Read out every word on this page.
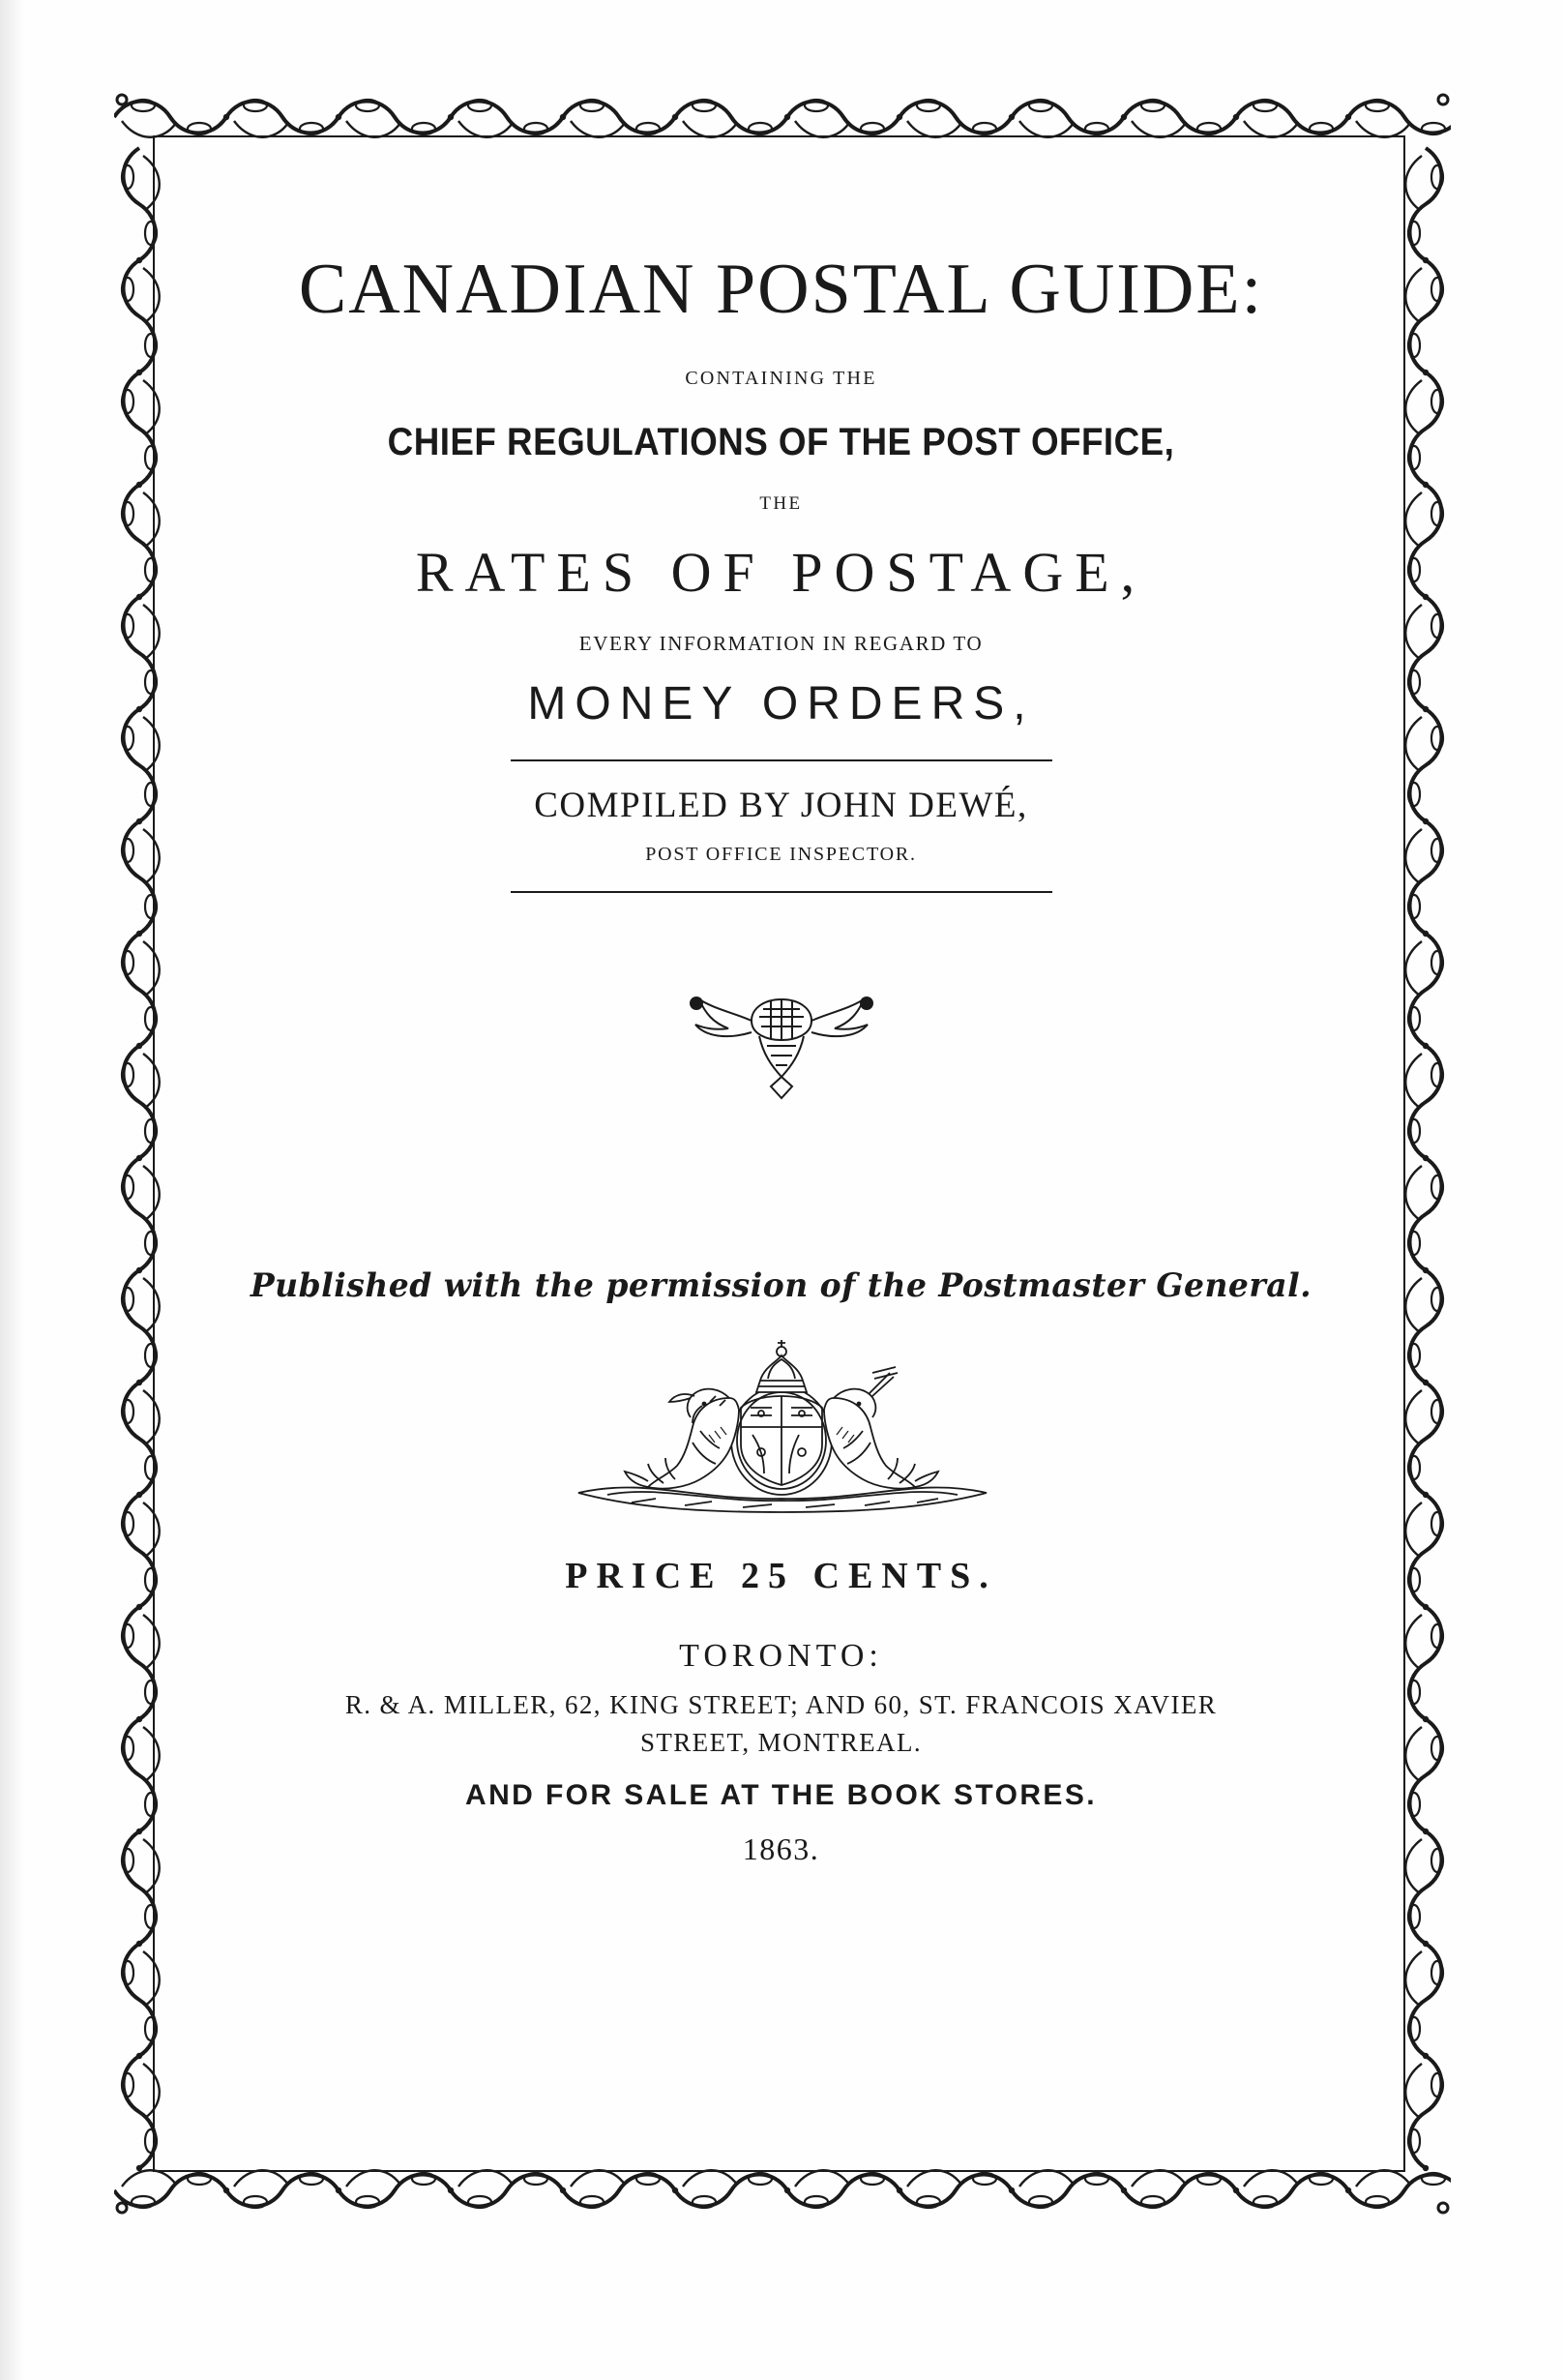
CANADIAN POSTAL GUIDE:
CONTAINING THE
CHIEF REGULATIONS OF THE POST OFFICE,
THE
RATES OF POSTAGE,
EVERY INFORMATION IN REGARD TO
MONEY ORDERS,
COMPILED BY JOHN DEWÉ,
POST OFFICE INSPECTOR.
Published with the permission of the Postmaster General.
PRICE 25 CENTS.
TORONTO:
R. & A. MILLER, 62, KING STREET; AND 60, ST. FRANCOIS XAVIER
STREET, MONTREAL.
AND FOR SALE AT THE BOOK STORES.
1863.
